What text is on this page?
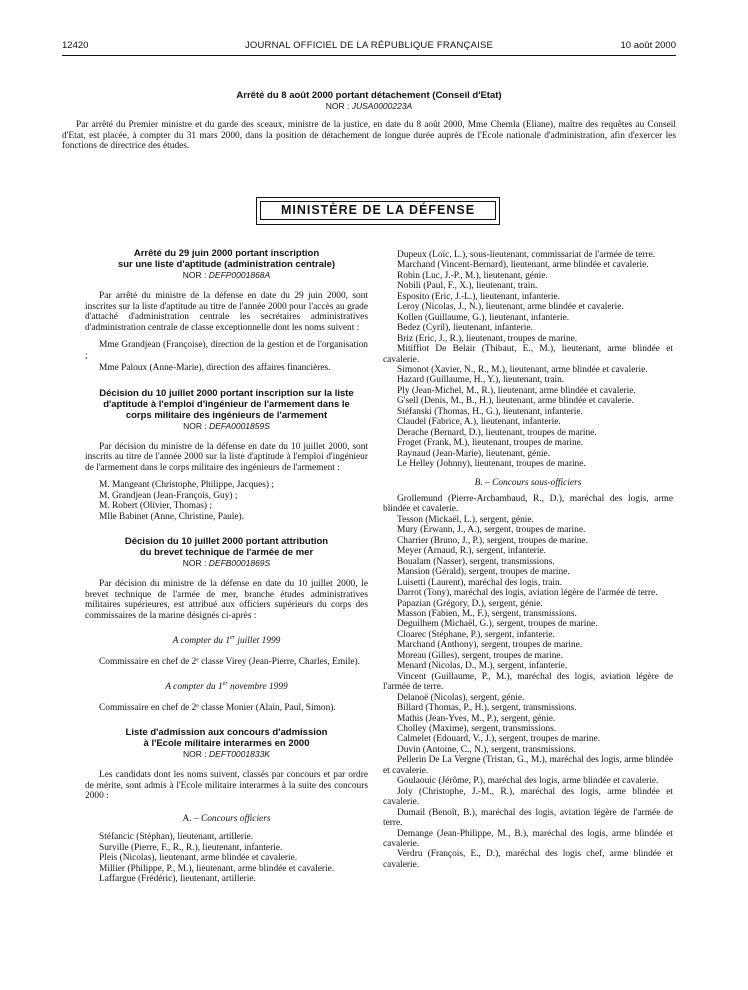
12420	JOURNAL OFFICIEL DE LA RÉPUBLIQUE FRANÇAISE	10 août 2000

Arrêté du 8 août 2000 portant détachement (Conseil d'Etat)

NOR : JUSA0000223A

Par arrêté du Premier ministre et du garde des sceaux, ministre de la justice, en date du 8 août 2000, Mme Chemla (Eliane), maître des requêtes au Conseil d'Etat, est placée, à compter du 31 mars 2000, dans la position de détachement de longue durée auprès de l'Ecole nationale d'administration, afin d'exercer les fonctions de directrice des études.

MINISTÈRE DE LA DÉFENSE

Arrêté du 29 juin 2000 portant inscription

sur une liste d'aptitude (administration centrale)

NOR : DEFP0001868A

Par arrêté du ministre de la défense en date du 29 juin 2000, sont inscrites sur la liste d'aptitude au titre de l'année 2000 pour l'accès au grade d'attaché d'administration centrale les secrétaires administratives d'administration centrale de classe exceptionnelle dont les noms suivent :

Mme Grandjean (Françoise), direction de la gestion et de l'organisation ;

Mme Paloux (Anne-Marie), direction des affaires financières.

Décision du 10 juillet 2000 portant inscription sur la liste

d'aptitude à l'emploi d'ingénieur de l'armement dans le

corps militaire des ingénieurs de l'armement

NOR : DEFA0001859S

Par décision du ministre de la défense en date du 10 juillet 2000, sont inscrits au titre de l'année 2000 sur la liste d'aptitude à l'emploi d'ingénieur de l'armement dans le corps militaire des ingénieurs de l'armement :

M. Mangeant (Christophe, Philippe, Jacques) ;

M. Grandjean (Jean-François, Guy) ;

M. Robert (Olivier, Thomas) ;

Mlle Babinet (Anne, Christine, Paule).

Décision du 10 juillet 2000 portant attribution

du brevet technique de l'armée de mer

NOR : DEFB0001869S

Par décision du ministre de la défense en date du 10 juillet 2000, le brevet technique de l'armée de mer, branche études administratives militaires supérieures, est attribué aux officiers supérieurs du corps des commissaires de la marine désignés ci-après :

A compter du 1er juillet 1999

Commissaire en chef de 2ᵉ classe Virey (Jean-Pierre, Charles, Emile).

A compter du 1er novembre 1999

Commissaire en chef de 2ᵉ classe Monier (Alain, Paul, Simon).

Liste d'admission aux concours d'admission

à l'Ecole militaire interarmes en 2000

NOR : DEFT0001833K

Les candidats dont les noms suivent, classés par concours et par ordre de mérite, sont admis à l'Ecole militaire interarmes à la suite des concours 2000 :

A. – Concours officiers

Stéfancic (Stéphan), lieutenant, artillerie.

Surville (Pierre, F., R., R.), lieutenant, infanterie.

Pleis (Nicolas), lieutenant, arme blindée et cavalerie.

Millier (Philippe, P., M.), lieutenant, arme blindée et cavalerie.

Laffargue (Frédéric), lieutenant, artillerie.

Dupeux (Loïc, L.), sous-lieutenant, commissariat de l'armée de terre.

Marchand (Vincent-Bernard), lieutenant, arme blindée et cavalerie.

Robin (Luc, J.-P., M.), lieutenant, génie.

Nobili (Paul, F., X.), lieutenant, train.

Esposito (Eric, J.-L.), lieutenant, infanterie.

Leroy (Nicolas, J., N.), lieutenant, arme blindée et cavalerie.

Kollen (Guillaume, G.), lieutenant, infanterie.

Bedez (Cyril), lieutenant, infanterie.

Briz (Eric, J., R.), lieutenant, troupes de marine.

Mitiffiot De Belair (Thibaut, E., M.), lieutenant, arme blindée et cavalerie.

Simonot (Xavier, N., R., M.), lieutenant, arme blindée et cavalerie.

Hazard (Guillaume, H., Y.), lieutenant, train.

Ply (Jean-Michel, M., R.), lieutenant, arme blindée et cavalerie.

G'sell (Denis, M., B., H.), lieutenant, arme blindée et cavalerie.

Stéfanski (Thomas, H., G.), lieutenant, infanterie.

Claudel (Fabrice, A.), lieutenant, infanterie.

Derache (Bernard, D.), lieutenant, troupes de marine.

Froget (Frank, M.), lieutenant, troupes de marine.

Raynaud (Jean-Marie), lieutenant, génie.

Le Helley (Johnny), lieutenant, troupes de marine.

B. – Concours sous-officiers

Grollemund (Pierre-Archambaud, R., D.), maréchal des logis, arme blindée et cavalerie.

Tesson (Mickaël, L.), sergent, génie.

Mury (Erwann, J., A.), sergent, troupes de marine.

Charrier (Bruno, J., P.), sergent, troupes de marine.

Meyer (Arnaud, R.), sergent, infanterie.

Boualam (Nasser), sergent, transmissions.

Mansion (Gérald), sergent, troupes de marine.

Luisetti (Laurent), maréchal des logis, train.

Darrot (Tony), maréchal des logis, aviation légère de l'armée de terre.

Papazian (Grégory, D.), sergent, génie.

Masson (Fabien, M., F.), sergent, transmissions.

Deguilhem (Michaël, G.), sergent, troupes de marine.

Cloarec (Stéphane, P.), sergent, infanterie.

Marchand (Anthony), sergent, troupes de marine.

Moreau (Gilles), sergent, troupes de marine.

Menard (Nicolas, D., M.), sergent, infanterie.

Vincent (Guillaume, P., M.), maréchal des logis, aviation légère de l'armée de terre.

Delanoë (Nicolas), sergent, génie.

Billard (Thomas, P., H.), sergent, transmissions.

Mathis (Jean-Yves, M., P.), sergent, génie.

Cholley (Maxime), sergent, transmissions.

Calmelet (Edouard, V., J.), sergent, troupes de marine.

Duvin (Antoine, C., N.), sergent, transmissions.

Pellerin De La Vergne (Tristan, G., M.), maréchal des logis, arme blindée et cavalerie.

Goulaouic (Jérôme, P.), maréchal des logis, arme blindée et cavalerie.

Joly (Christophe, J.-M., R.), maréchal des logis, arme blindée et cavalerie.

Dumail (Benoît, B.), maréchal des logis, aviation légère de l'armée de terre.

Demange (Jean-Philippe, M., B.), maréchal des logis, arme blindée et cavalerie.

Verdru (François, E., D.), maréchal des logis chef, arme blindée et cavalerie.
